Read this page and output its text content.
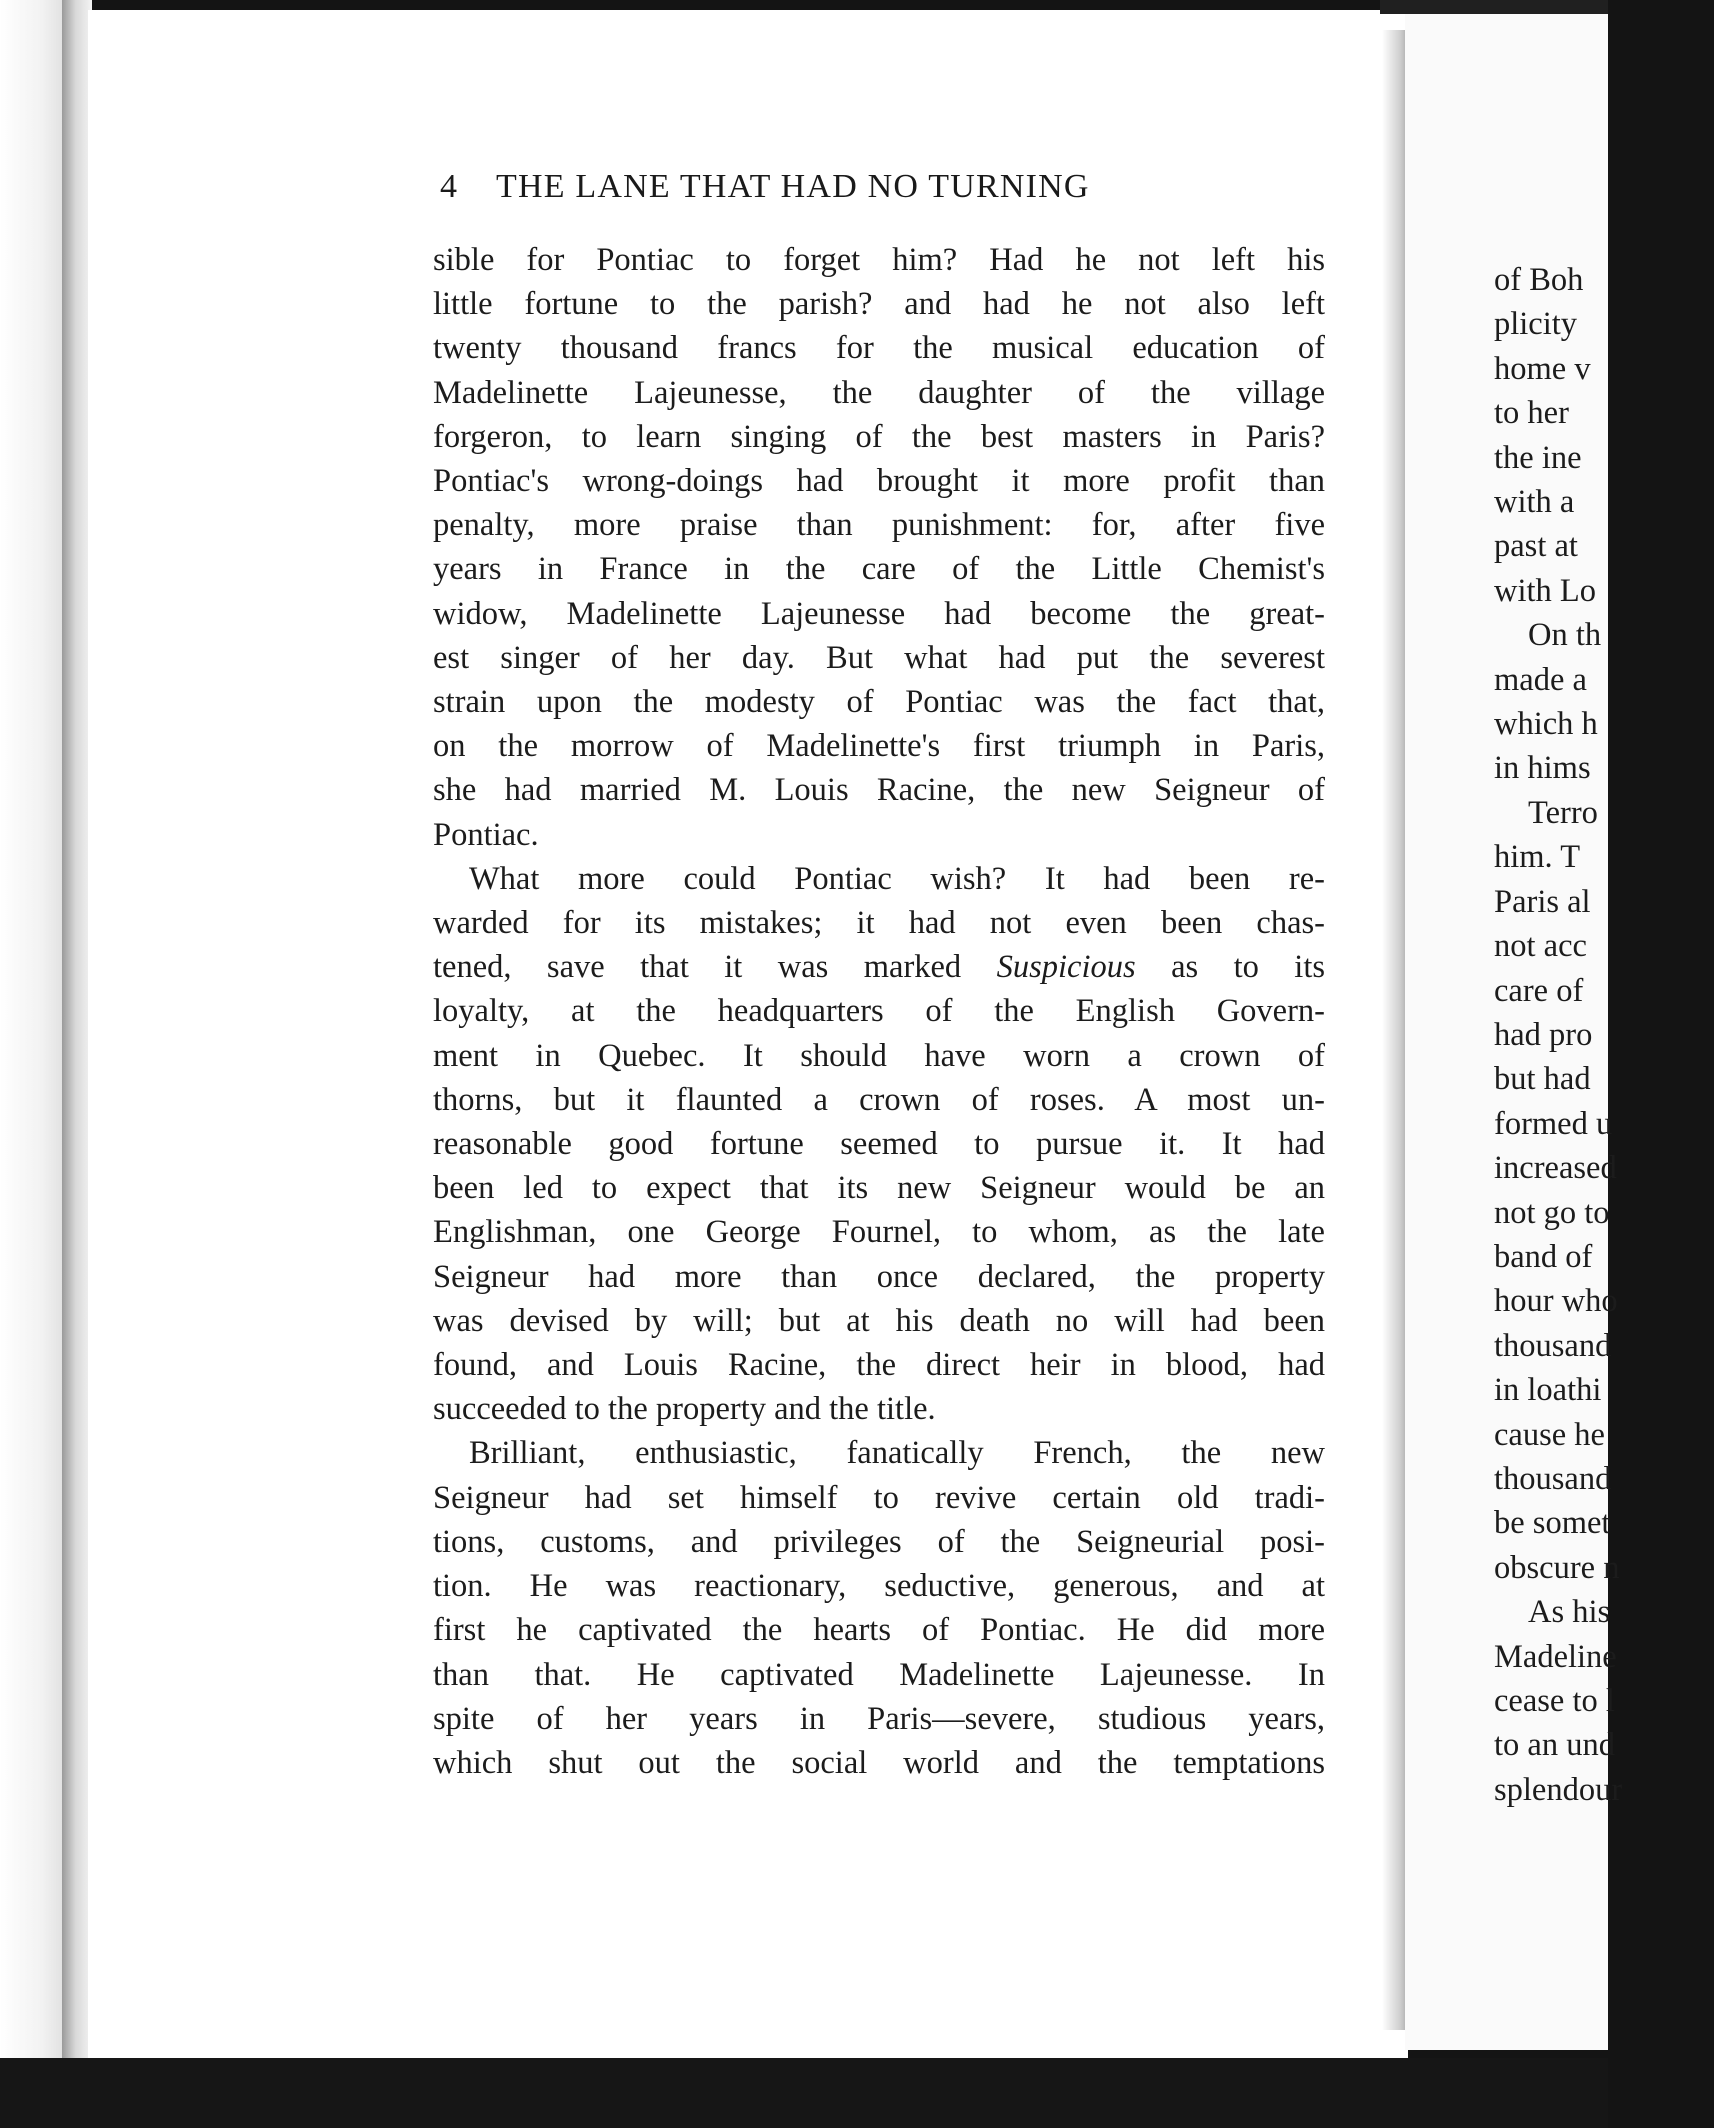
4 THE LANE THAT HAD NO TURNING
sible for Pontiac to forget him? Had he not left his
little fortune to the parish? and had he not also left
twenty thousand francs for the musical education of
Madelinette Lajeunesse, the daughter of the village
forgeron, to learn singing of the best masters in Paris?
Pontiac's wrong-doings had brought it more profit than
penalty, more praise than punishment: for, after five
years in France in the care of the Little Chemist's
widow, Madelinette Lajeunesse had become the great-
est singer of her day. But what had put the severest
strain upon the modesty of Pontiac was the fact that,
on the morrow of Madelinette's first triumph in Paris,
she had married M. Louis Racine, the new Seigneur of
Pontiac.
What more could Pontiac wish? It had been re-
warded for its mistakes; it had not even been chas-
tened, save that it was marked Suspicious as to its
loyalty, at the headquarters of the English Govern-
ment in Quebec. It should have worn a crown of
thorns, but it flaunted a crown of roses. A most un-
reasonable good fortune seemed to pursue it. It had
been led to expect that its new Seigneur would be an
Englishman, one George Fournel, to whom, as the late
Seigneur had more than once declared, the property
was devised by will; but at his death no will had been
found, and Louis Racine, the direct heir in blood, had
succeeded to the property and the title.
Brilliant, enthusiastic, fanatically French, the new
Seigneur had set himself to revive certain old tradi-
tions, customs, and privileges of the Seigneurial posi-
tion. He was reactionary, seductive, generous, and at
first he captivated the hearts of Pontiac. He did more
than that. He captivated Madelinette Lajeunesse. In
spite of her years in Paris—severe, studious years,
which shut out the social world and the temptations
of Boh
plicity
home v
to her
the ine
with a
past at
with Lo
On th
made a
which h
in hims
Terro
him. T
Paris al
not acc
care of
had pro
but had
formed u
increased
not go to
band of
hour who
thousand
in loathi
cause he
thousand
be somet
obscure n
As his
Madeline
cease to l
to an und
splendour
